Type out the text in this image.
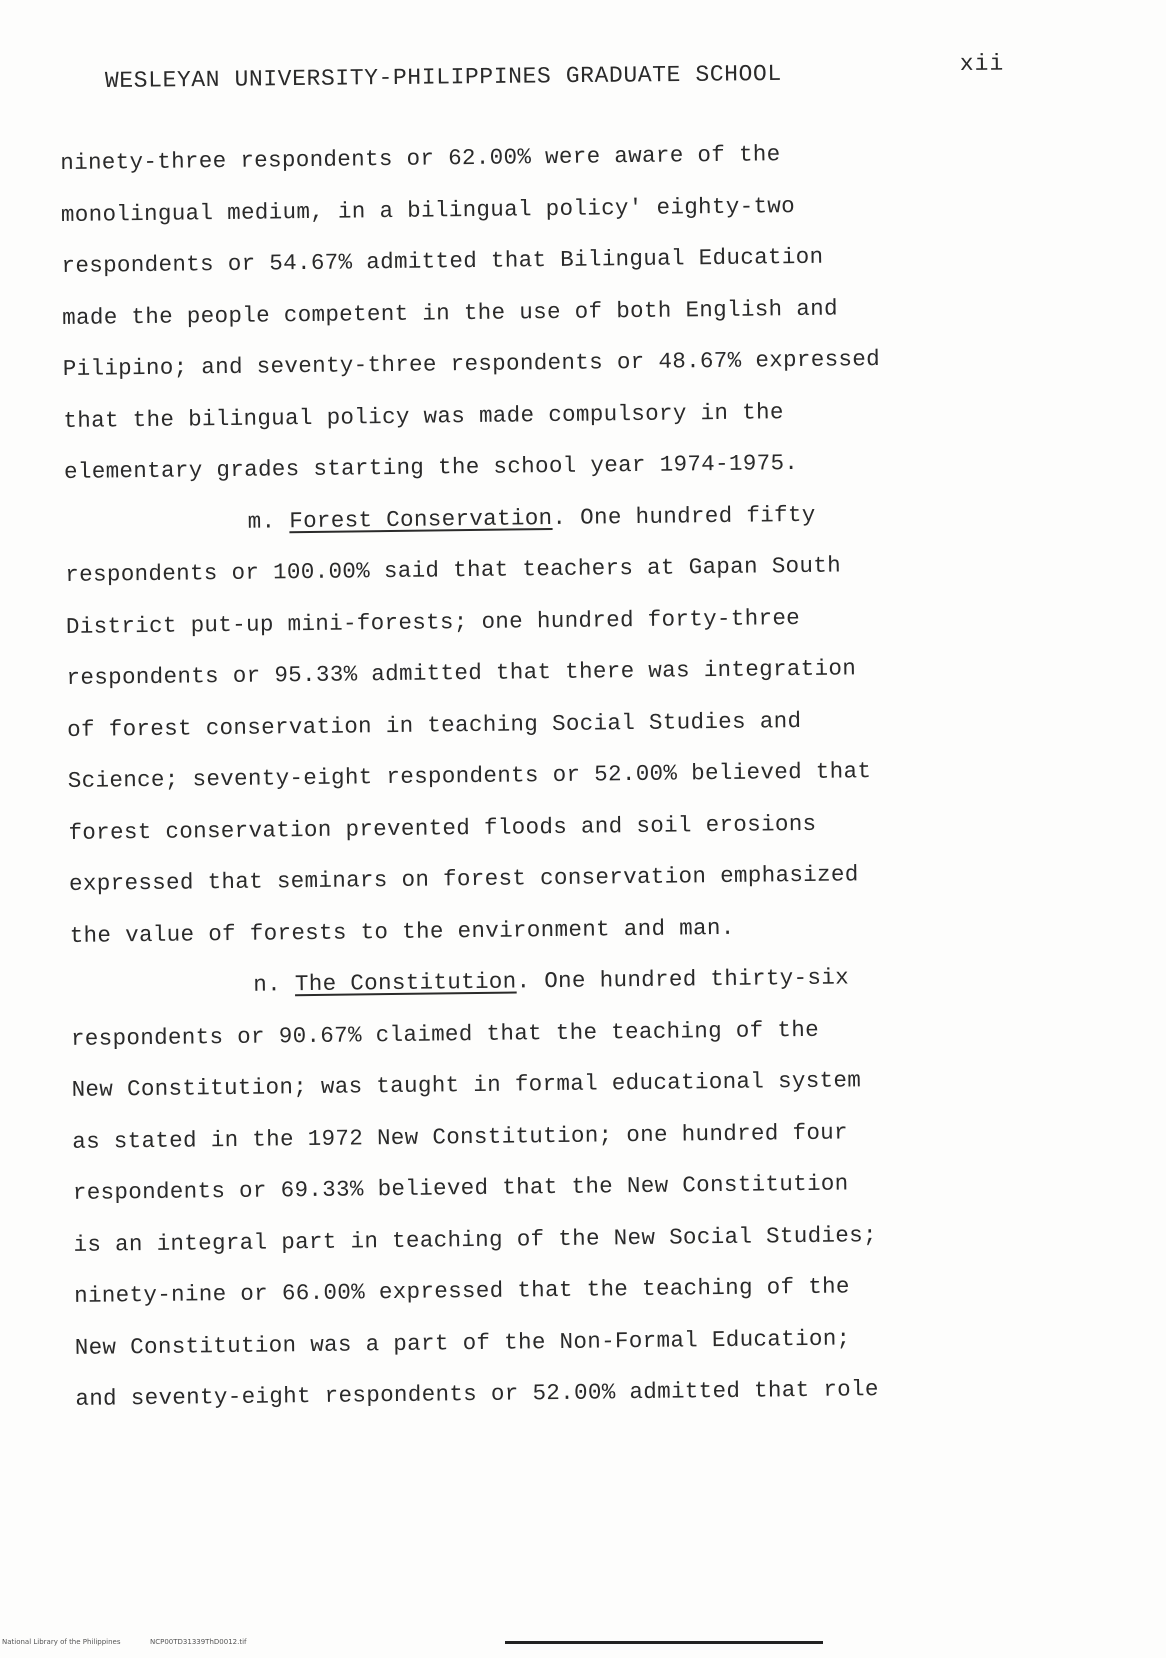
WESLEYAN UNIVERSITY-PHILIPPINES GRADUATE SCHOOL	xii
ninety-three respondents or 62.00% were aware of the
monolingual medium, in a bilingual policy' eighty-two
respondents or 54.67% admitted that Bilingual Education
made the people competent in the use of both English and
Pilipino; and seventy-three respondents or 48.67% expressed
that the bilingual policy was made compulsory in the
elementary grades starting the school year 1974-1975.
m. Forest Conservation. One hundred fifty
respondents or 100.00% said that teachers at Gapan South
District put-up mini-forests; one hundred forty-three
respondents or 95.33% admitted that there was integration
of forest conservation in teaching Social Studies and
Science; seventy-eight respondents or 52.00% believed that
forest conservation prevented floods and soil erosions
expressed that seminars on forest conservation emphasized
the value of forests to the environment and man.
n. The Constitution. One hundred thirty-six
respondents or 90.67% claimed that the teaching of the
New Constitution; was taught in formal educational system
as stated in the 1972 New Constitution; one hundred four
respondents or 69.33% believed that the New Constitution
is an integral part in teaching of the New Social Studies;
ninety-nine or 66.00% expressed that the teaching of the
New Constitution was a part of the Non-Formal Education;
and seventy-eight respondents or 52.00% admitted that role
National Library of the Philippines	NCP00TD31339ThD0012.tif
